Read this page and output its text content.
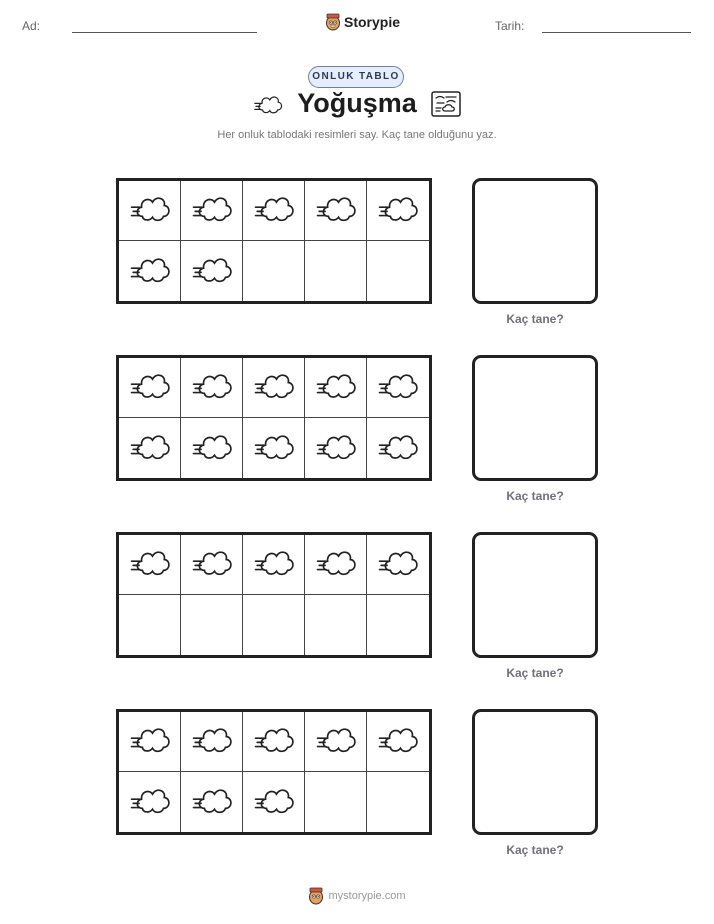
Ad:	Storypie	Tarih:
ONLUK TABLO
Yoğuşma
Her onluk tablodaki resimleri say. Kaç tane olduğunu yaz.
Kaç tane?
Kaç tane?
Kaç tane?
Kaç tane?
mystorypie.com
